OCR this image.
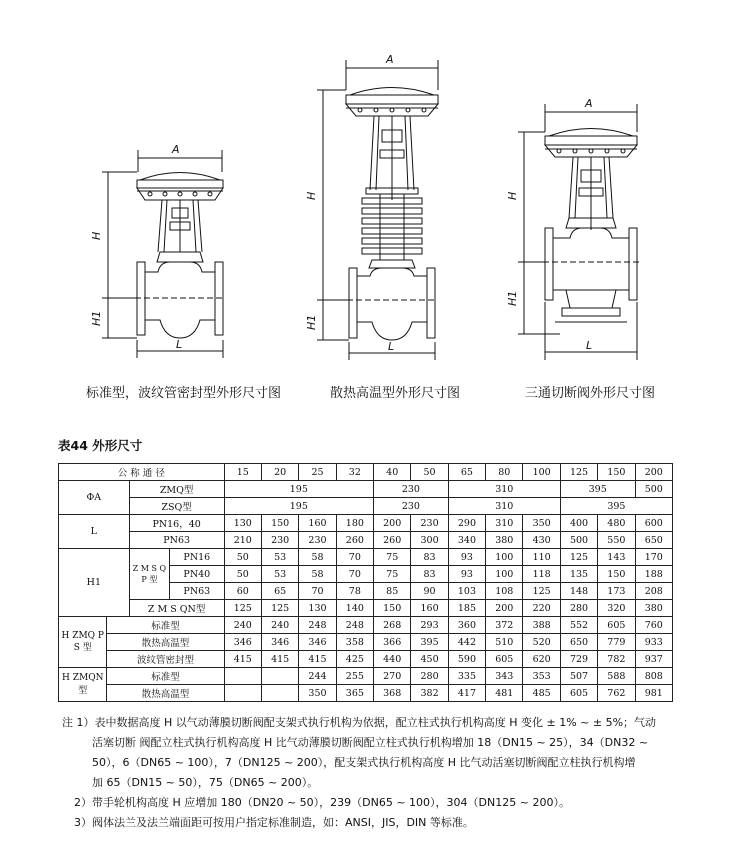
A
H
H1
L
A
H
H1
L
A
H
H1
L
标准型，波纹管密封型外形尺寸图	散热高温型外形尺寸图	三通切断阀外形尺寸图
表44 外形尺寸
公 称 通 径				15	20	25	32	40	50	65	80	100	125	150	200
ΦA		ZMQ型		195				230		310			395		500
		ZSQ型		195				230		310			395		
L		PN16，40		130	150	160	180	200	230	290	310	350	400	480	600
		PN63		210	230	230	260	260	300	340	380	430	500	550	650
H1		Z M S Q P 型	PN16	50	53	58	70	75	83	93	100	110	125	143	170
			PN40	50	53	58	70	75	83	93	100	118	135	150	188
			PN63	60	65	70	78	85	90	103	108	125	148	173	208
		Z M S QN型		125	125	130	140	150	160	185	200	220	280	320	380
H ZMQ P S 型	标准型			240	240	248	248	268	293	360	372	388	552	605	760
	散热高温型			346	346	346	358	366	395	442	510	520	650	779	933
	波纹管密封型			415	415	415	425	440	450	590	605	620	729	782	937
H ZMQN型	标准型					244	255	270	280	335	343	353	507	588	808
	散热高温型					350	365	368	382	417	481	485	605	762	981
注 1）表中数据高度 H 以气动薄膜切断阀配支架式执行机构为依据，配立柱式执行机构高度 H 变化 ± 1% ~ ± 5%；气动
活塞切断 阀配立柱式执行机构高度 H 比气动薄膜切断阀配立柱式执行机构增加 18（DN15 ~ 25），34（DN32 ~
50），6（DN65 ~ 100），7（DN125 ~ 200），配支架式执行机构高度 H 比气动活塞切断阀配立柱执行机构增
加 65（DN15 ~ 50），75（DN65 ~ 200）。
2）带手轮机构高度 H 应增加 180（DN20 ~ 50），239（DN65 ~ 100），304（DN125 ~ 200）。
3）阀体法兰及法兰端面距可按用户指定标准制造，如：ANSI，JIS，DIN 等标准。
